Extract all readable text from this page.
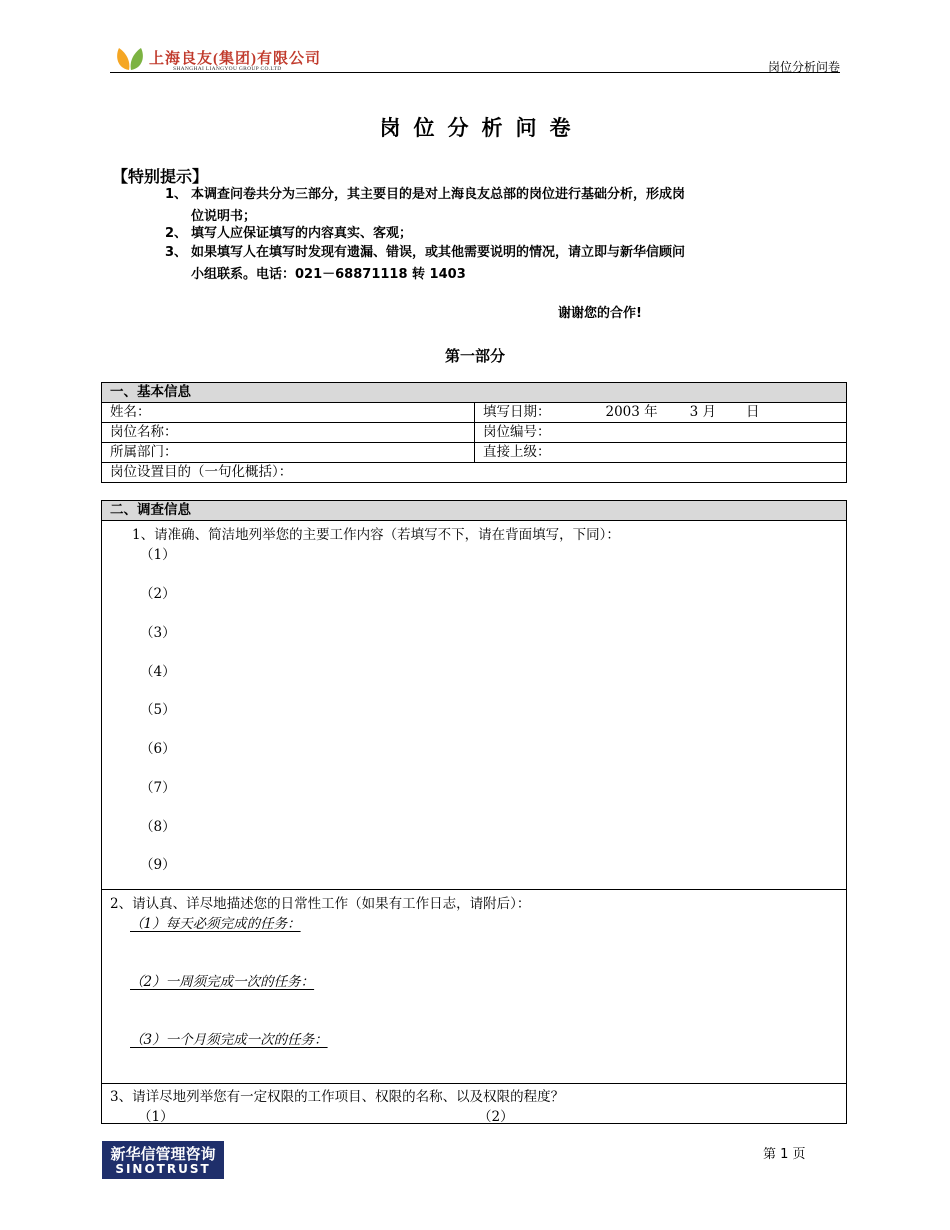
上海良友(集团)有限公司
SHANGHAI LIANGYOU GROUP CO.LTD	岗位分析问卷
岗位分析问卷
【特别提示】
1、 本调查问卷共分为三部分，其主要目的是对上海良友总部的岗位进行基础分析，形成岗
位说明书；
2、 填写人应保证填写的内容真实、客观；
3、 如果填写人在填写时发现有遗漏、错误，或其他需要说明的情况，请立即与新华信顾问
小组联系。电话：021－68871118 转 1403
谢谢您的合作!
第一部分
一、基本信息
姓名：	填写日期：	2003 年 3 月 日
岗位名称：	岗位编号：
所属部门：	直接上级：
岗位设置目的（一句化概括）：
二、调查信息
1、请准确、简洁地列举您的主要工作内容（若填写不下，请在背面填写，下同）：
（1）
（2）
（3）
（4）
（5）
（6）
（7）
（8）
（9）
2、请认真、详尽地描述您的日常性工作（如果有工作日志，请附后）：
（1）每天必须完成的任务：
（2）一周须完成一次的任务：
（3）一个月须完成一次的任务：
3、请详尽地列举您有一定权限的工作项目、权限的名称、以及权限的程度？
（1）	（2）
新华信管理咨询
SINOTRUST
第 1 页
